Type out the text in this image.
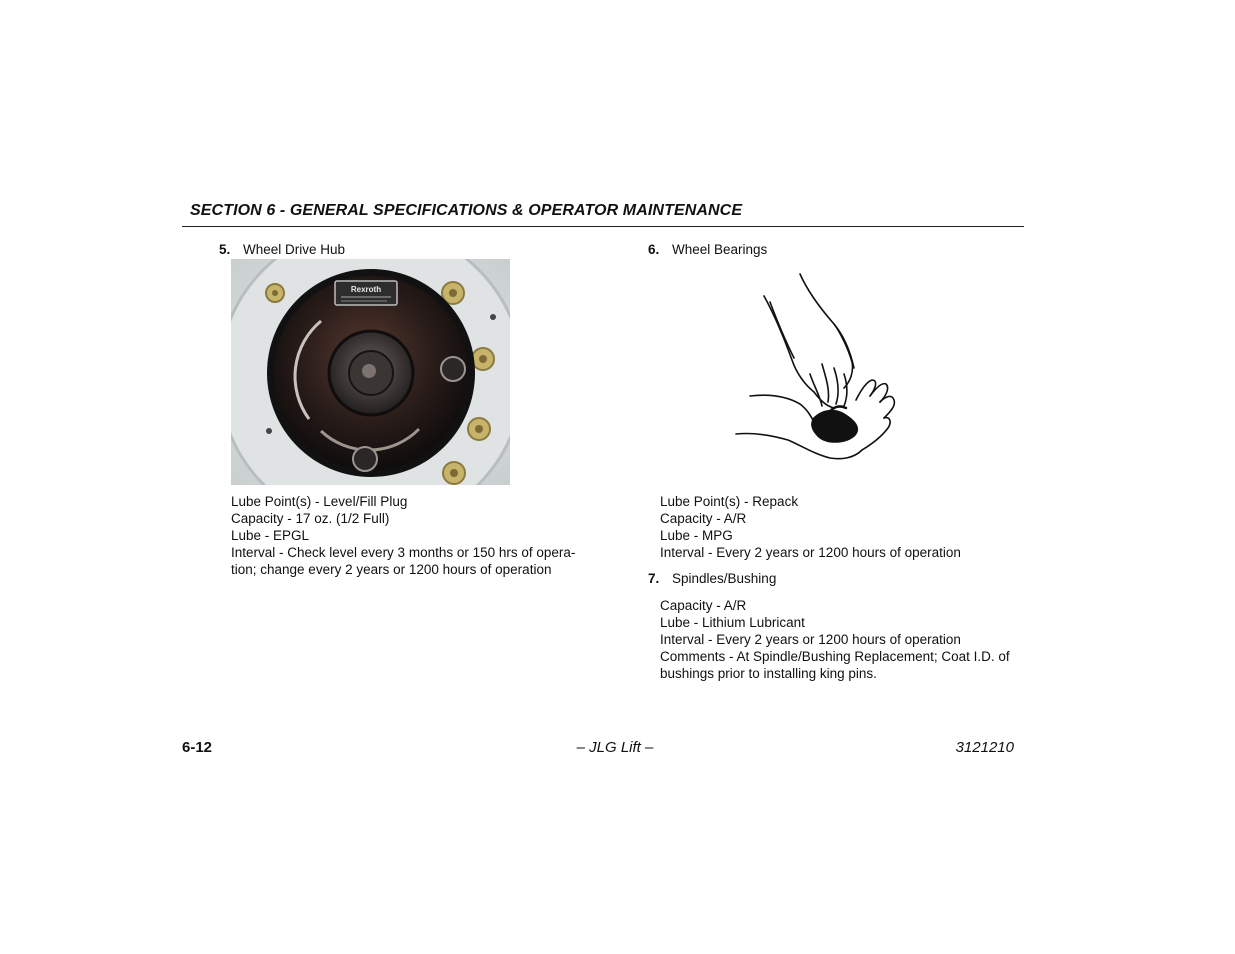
SECTION 6 - GENERAL SPECIFICATIONS & OPERATOR MAINTENANCE
5. Wheel Drive Hub
Rexroth
Lube Point(s) - Level/Fill Plug
Capacity - 17 oz. (1/2 Full)
Lube - EPGL
Interval - Check level every 3 months or 150 hrs of opera-
tion; change every 2 years or 1200 hours of operation
6. Wheel Bearings
Lube Point(s) - Repack
Capacity - A/R
Lube - MPG
Interval - Every 2 years or 1200 hours of operation
7. Spindles/Bushing
Capacity - A/R
Lube - Lithium Lubricant
Interval - Every 2 years or 1200 hours of operation
Comments - At Spindle/Bushing Replacement; Coat I.D. of
bushings prior to installing king pins.
6-12	– JLG Lift –	3121210
